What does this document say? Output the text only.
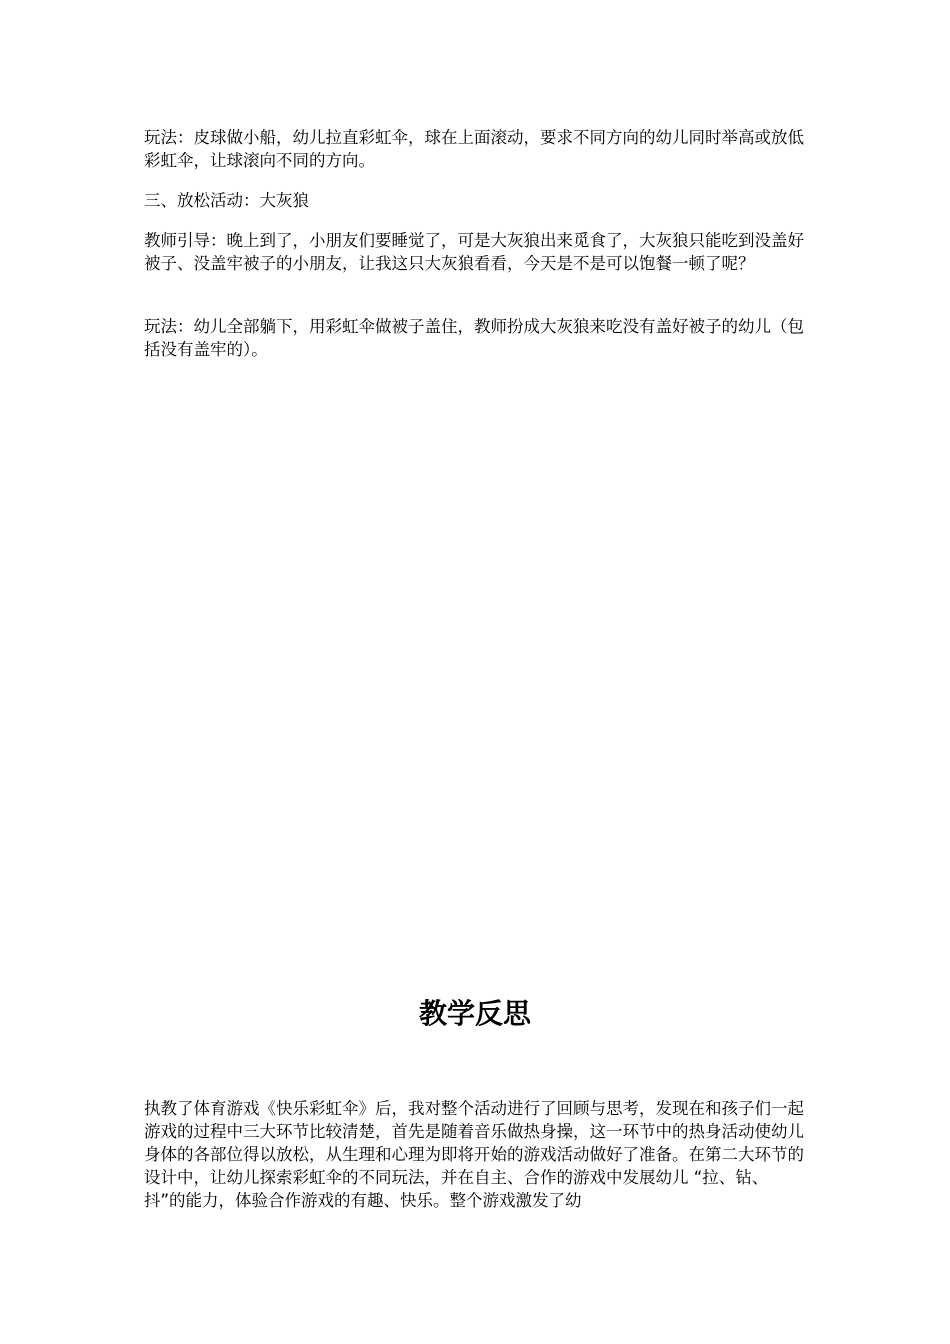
玩法：皮球做小船，幼儿拉直彩虹伞，球在上面滚动，要求不同方向的幼儿同时举高或放低彩虹伞，让球滚向不同的方向。

三、放松活动：大灰狼

教师引导：晚上到了，小朋友们要睡觉了，可是大灰狼出来觅食了，大灰狼只能吃到没盖好被子、没盖牢被子的小朋友，让我这只大灰狼看看，今天是不是可以饱餐一顿了呢？

玩法：幼儿全部躺下，用彩虹伞做被子盖住，教师扮成大灰狼来吃没有盖好被子的幼儿（包括没有盖牢的）。

教学反思

执教了体育游戏《快乐彩虹伞》后，我对整个活动进行了回顾与思考，发现在和孩子们一起游戏的过程中三大环节比较清楚，首先是随着音乐做热身操，这一环节中的热身活动使幼儿身体的各部位得以放松，从生理和心理为即将开始的游戏活动做好了准备。在第二大环节的设计中，让幼儿探索彩虹伞的不同玩法，并在自主、合作的游戏中发展幼儿 “拉、钻、抖”的能力，体验合作游戏的有趣、快乐。整个游戏激发了幼
